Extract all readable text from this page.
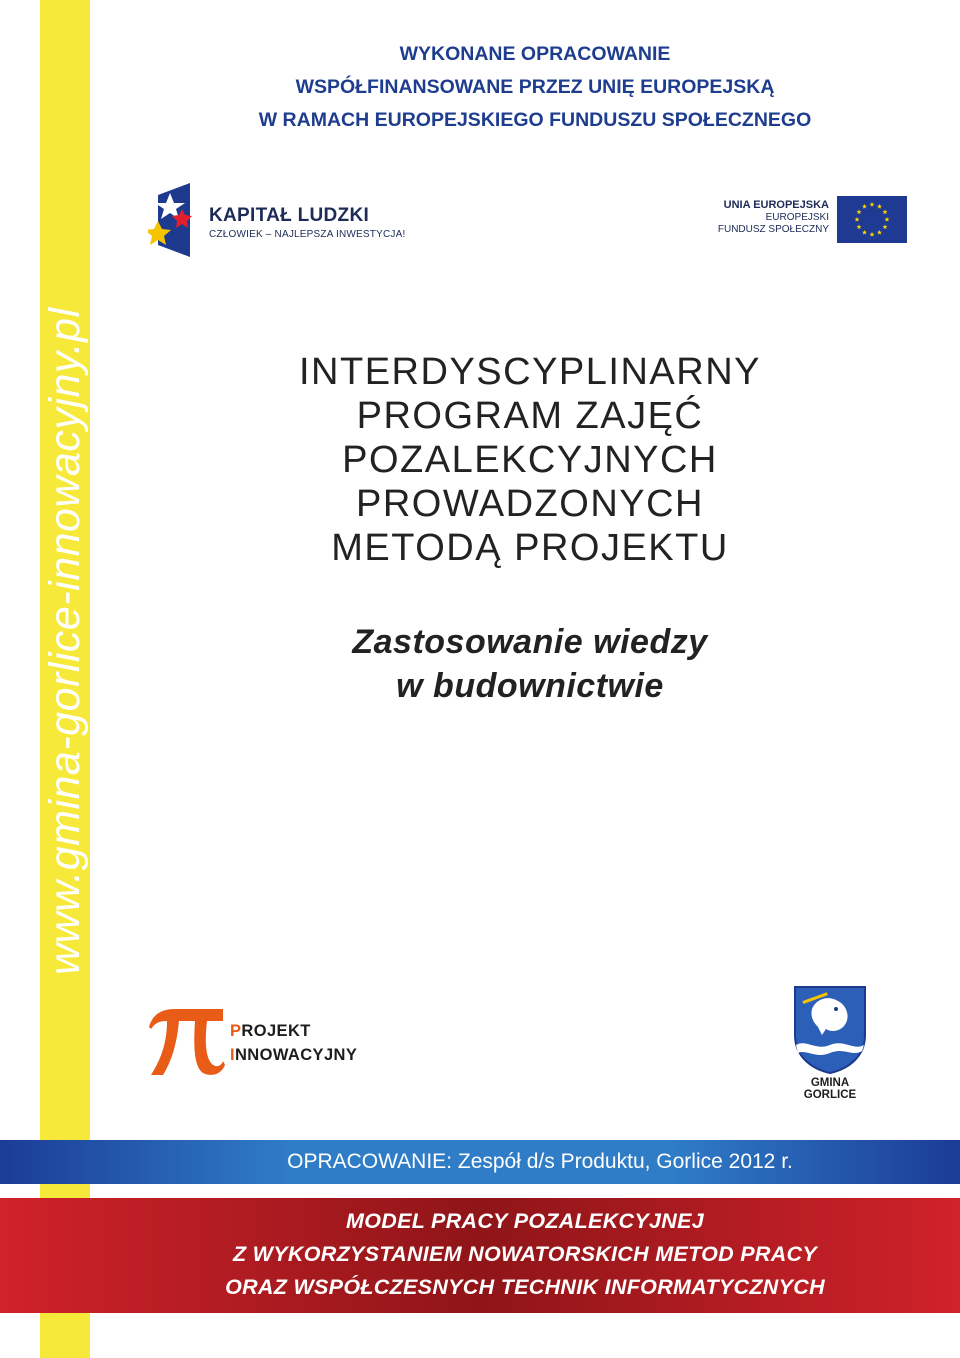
www.gmina-gorlice-innowacyjny.pl
WYKONANE OPRACOWANIE
WSPÓŁFINANSOWANE PRZEZ UNIĘ EUROPEJSKĄ
W RAMACH EUROPEJSKIEGO FUNDUSZU SPOŁECZNEGO
KAPITAŁ LUDZKI
CZŁOWIEK – NAJLEPSZA INWESTYCJA!
UNIA EUROPEJSKA
EUROPEJSKI
FUNDUSZ SPOŁECZNY
INTERDYSCYPLINARNY
PROGRAM ZAJĘĆ
POZALEKCYJNYCH
PROWADZONYCH
METODĄ PROJEKTU
Zastosowanie wiedzy
w budownictwie
PROJEKT
INNOWACYJNY
GMINA
GORLICE
OPRACOWANIE: Zespół d/s Produktu, Gorlice 2012 r.
MODEL PRACY POZALEKCYJNEJ
Z WYKORZYSTANIEM NOWATORSKICH METOD PRACY
ORAZ WSPÓŁCZESNYCH TECHNIK INFORMATYCZNYCH
